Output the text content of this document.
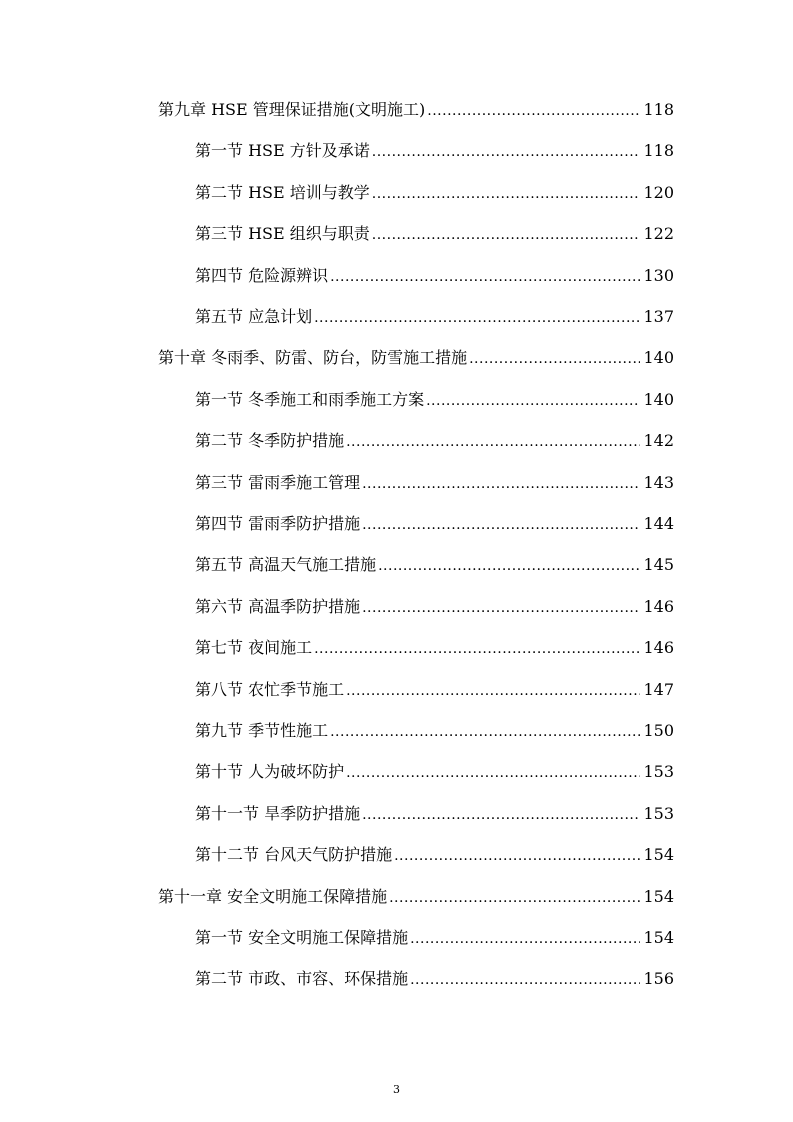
第九章 HSE 管理保证措施(文明施工) .....	118
第一节 HSE 方针及承诺 .....	118
第二节 HSE 培训与教学 .....	120
第三节 HSE 组织与职责 .....	122
第四节 危险源辨识 .....	130
第五节 应急计划 .....	137
第十章 冬雨季、防雷、防台，防雪施工措施 .....	140
第一节 冬季施工和雨季施工方案 .....	140
第二节 冬季防护措施 .....	142
第三节 雷雨季施工管理 .....	143
第四节 雷雨季防护措施 .....	144
第五节 高温天气施工措施 .....	145
第六节 高温季防护措施 .....	146
第七节 夜间施工 .....	146
第八节 农忙季节施工 .....	147
第九节 季节性施工 .....	150
第十节 人为破坏防护 .....	153
第十一节 旱季防护措施 .....	153
第十二节 台风天气防护措施 .....	154
第十一章 安全文明施工保障措施 .....	154
第一节 安全文明施工保障措施 .....	154
第二节 市政、市容、环保措施 .....	156
3
